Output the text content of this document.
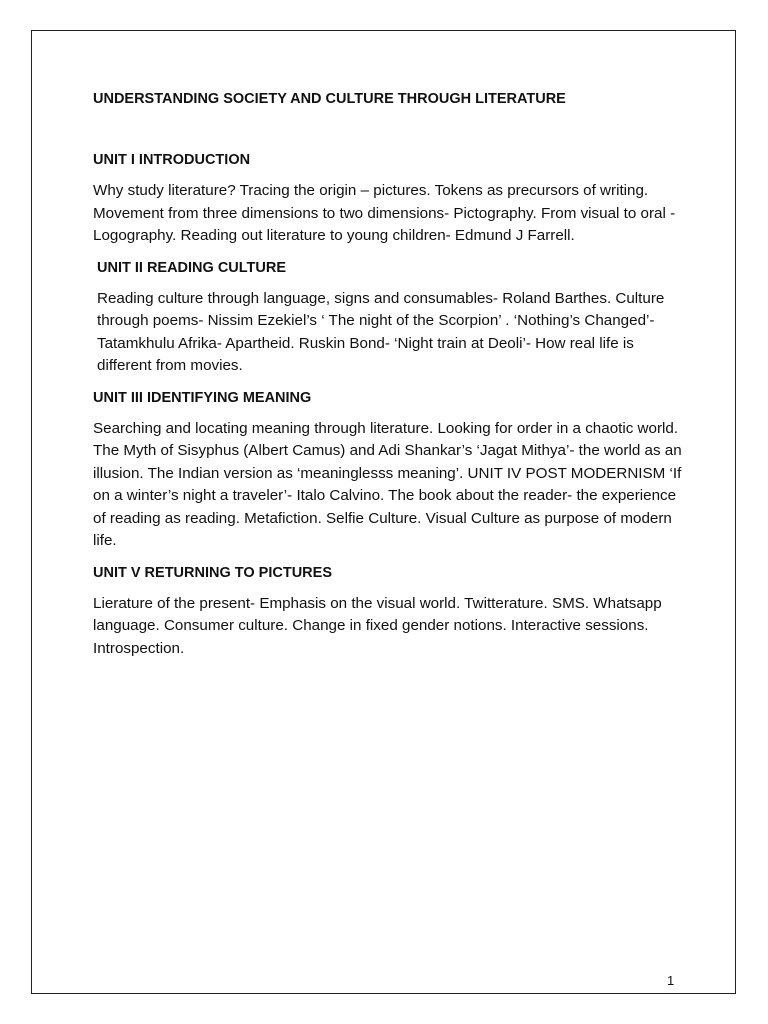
UNDERSTANDING SOCIETY AND CULTURE THROUGH LITERATURE

UNIT I INTRODUCTION

Why study literature? Tracing the origin – pictures. Tokens as precursors of writing. Movement from three dimensions to two dimensions- Pictography. From visual to oral - Logography. Reading out literature to young children- Edmund J Farrell.

UNIT II READING CULTURE

Reading culture through language, signs and consumables- Roland Barthes. Culture through poems- Nissim Ezekiel’s ‘ The night of the Scorpion’ . ‘Nothing’s Changed’- Tatamkhulu Afrika- Apartheid. Ruskin Bond- ‘Night train at Deoli’- How real life is different from movies.

UNIT III IDENTIFYING MEANING

Searching and locating meaning through literature. Looking for order in a chaotic world. The Myth of Sisyphus (Albert Camus) and Adi Shankar’s ‘Jagat Mithya’- the world as an illusion. The Indian version as ‘meaninglesss meaning’. UNIT IV POST MODERNISM ‘If on a winter’s night a traveler’- Italo Calvino. The book about the reader- the experience of reading as reading. Metafiction. Selfie Culture. Visual Culture as purpose of modern life.

UNIT V RETURNING TO PICTURES

Lierature of the present- Emphasis on the visual world. Twitterature. SMS. Whatsapp language. Consumer culture. Change in fixed gender notions. Interactive sessions. Introspection.

1
